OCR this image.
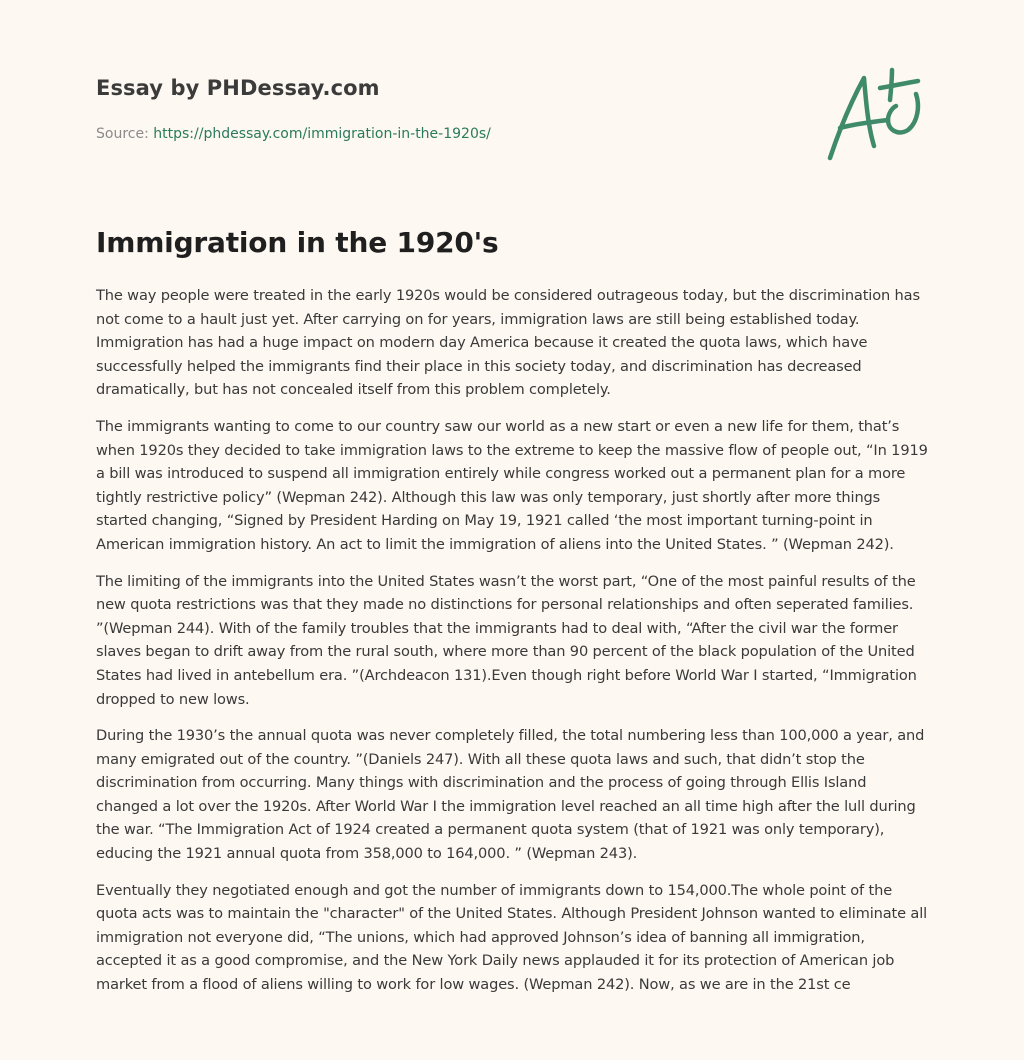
Essay by PHDessay.com
Source: https://phdessay.com/immigration-in-the-1920s/
Immigration in the 1920's

The way people were treated in the early 1920s would be considered outrageous today, but the discrimination has not come to a hault just yet. After carrying on for years, immigration laws are still being established today. Immigration has had a huge impact on modern day America because it created the quota laws, which have successfully helped the immigrants find their place in this society today, and discrimination has decreased dramatically, but has not concealed itself from this problem completely.

The immigrants wanting to come to our country saw our world as a new start or even a new life for them, that’s when 1920s they decided to take immigration laws to the extreme to keep the massive flow of people out, “In 1919 a bill was introduced to suspend all immigration entirely while congress worked out a permanent plan for a more tightly restrictive policy” (Wepman 242). Although this law was only temporary, just shortly after more things started changing, “Signed by President Harding on May 19, 1921 called ‘the most important turning-point in American immigration history. An act to limit the immigration of aliens into the United States. ” (Wepman 242).

The limiting of the immigrants into the United States wasn’t the worst part, “One of the most painful results of the new quota restrictions was that they made no distinctions for personal relationships and often seperated families. ”(Wepman 244). With of the family troubles that the immigrants had to deal with, “After the civil war the former slaves began to drift away from the rural south, where more than 90 percent of the black population of the United States had lived in antebellum era. ”(Archdeacon 131).Even though right before World War I started, “Immigration dropped to new lows.

During the 1930’s the annual quota was never completely filled, the total numbering less than 100,000 a year, and many emigrated out of the country. ”(Daniels 247). With all these quota laws and such, that didn’t stop the discrimination from occurring. Many things with discrimination and the process of going through Ellis Island changed a lot over the 1920s. After World War I the immigration level reached an all time high after the lull during the war. “The Immigration Act of 1924 created a permanent quota system (that of 1921 was only temporary), educing the 1921 annual quota from 358,000 to 164,000. ” (Wepman 243).

Eventually they negotiated enough and got the number of immigrants down to 154,000.The whole point of the quota acts was to maintain the "character" of the United States. Although President Johnson wanted to eliminate all immigration not everyone did, “The unions, which had approved Johnson’s idea of banning all immigration, accepted it as a good compromise, and the New York Daily news applauded it for its protection of American job market from a flood of aliens willing to work for low wages. (Wepman 242). Now, as we are in the 21st ce
